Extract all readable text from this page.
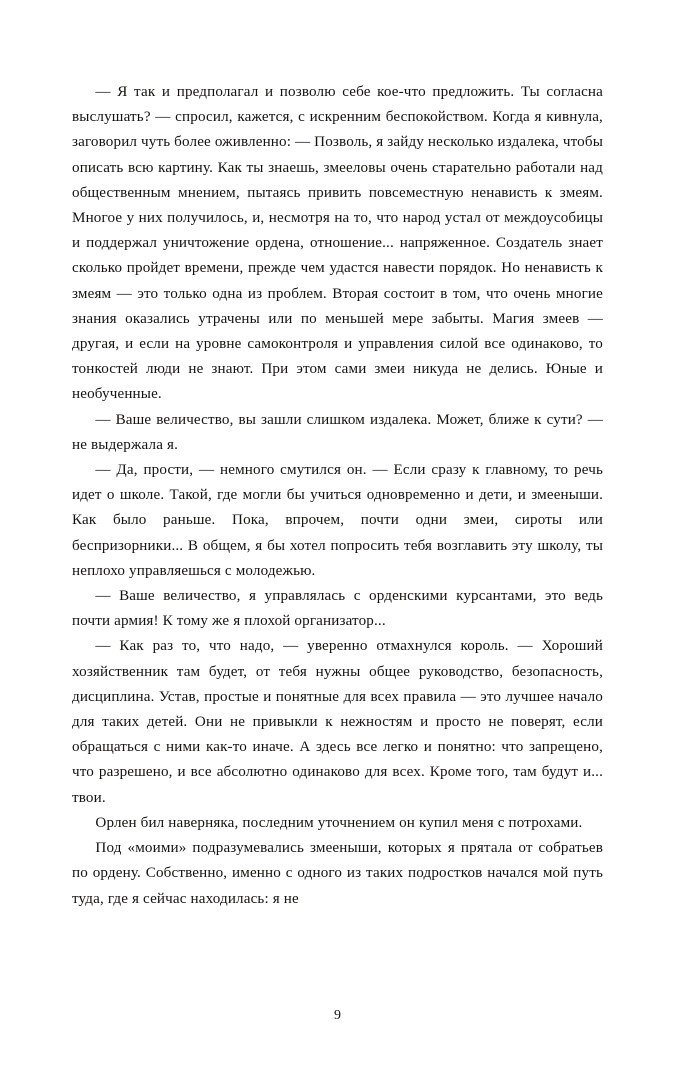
— Я так и предполагал и позволю себе кое-что предложить. Ты согласна выслушать? — спросил, кажется, с искренним беспокойством. Когда я кивнула, заговорил чуть более оживленно: — Позволь, я зайду несколько издалека, чтобы описать всю картину. Как ты знаешь, змееловы очень старательно работали над общественным мнением, пытаясь привить повсеместную ненависть к змеям. Многое у них получилось, и, несмотря на то, что народ устал от междоусобицы и поддержал уничтожение ордена, отношение... напряженное. Создатель знает сколько пройдет времени, прежде чем удастся навести порядок. Но ненависть к змеям — это только одна из проблем. Вторая состоит в том, что очень многие знания оказались утрачены или по меньшей мере забыты. Магия змеев — другая, и если на уровне самоконтроля и управления силой все одинаково, то тонкостей люди не знают. При этом сами змеи никуда не делись. Юные и необученные.

— Ваше величество, вы зашли слишком издалека. Может, ближе к сути? — не выдержала я.

— Да, прости, — немного смутился он. — Если сразу к главному, то речь идет о школе. Такой, где могли бы учиться одновременно и дети, и змееныши. Как было раньше. Пока, впрочем, почти одни змеи, сироты или беспризорники... В общем, я бы хотел попросить тебя возглавить эту школу, ты неплохо управляешься с молодежью.

— Ваше величество, я управлялась с орденскими курсантами, это ведь почти армия! К тому же я плохой организатор...

— Как раз то, что надо, — уверенно отмахнулся король. — Хороший хозяйственник там будет, от тебя нужны общее руководство, безопасность, дисциплина. Устав, простые и понятные для всех правила — это лучшее начало для таких детей. Они не привыкли к нежностям и просто не поверят, если обращаться с ними как-то иначе. А здесь все легко и понятно: что запрещено, что разрешено, и все абсолютно одинаково для всех. Кроме того, там будут и... твои.

Орлен бил наверняка, последним уточнением он купил меня с потрохами.

Под «моими» подразумевались змееныши, которых я прятала от собратьев по ордену. Собственно, именно с одного из таких подростков начался мой путь туда, где я сейчас находилась: я не

9
